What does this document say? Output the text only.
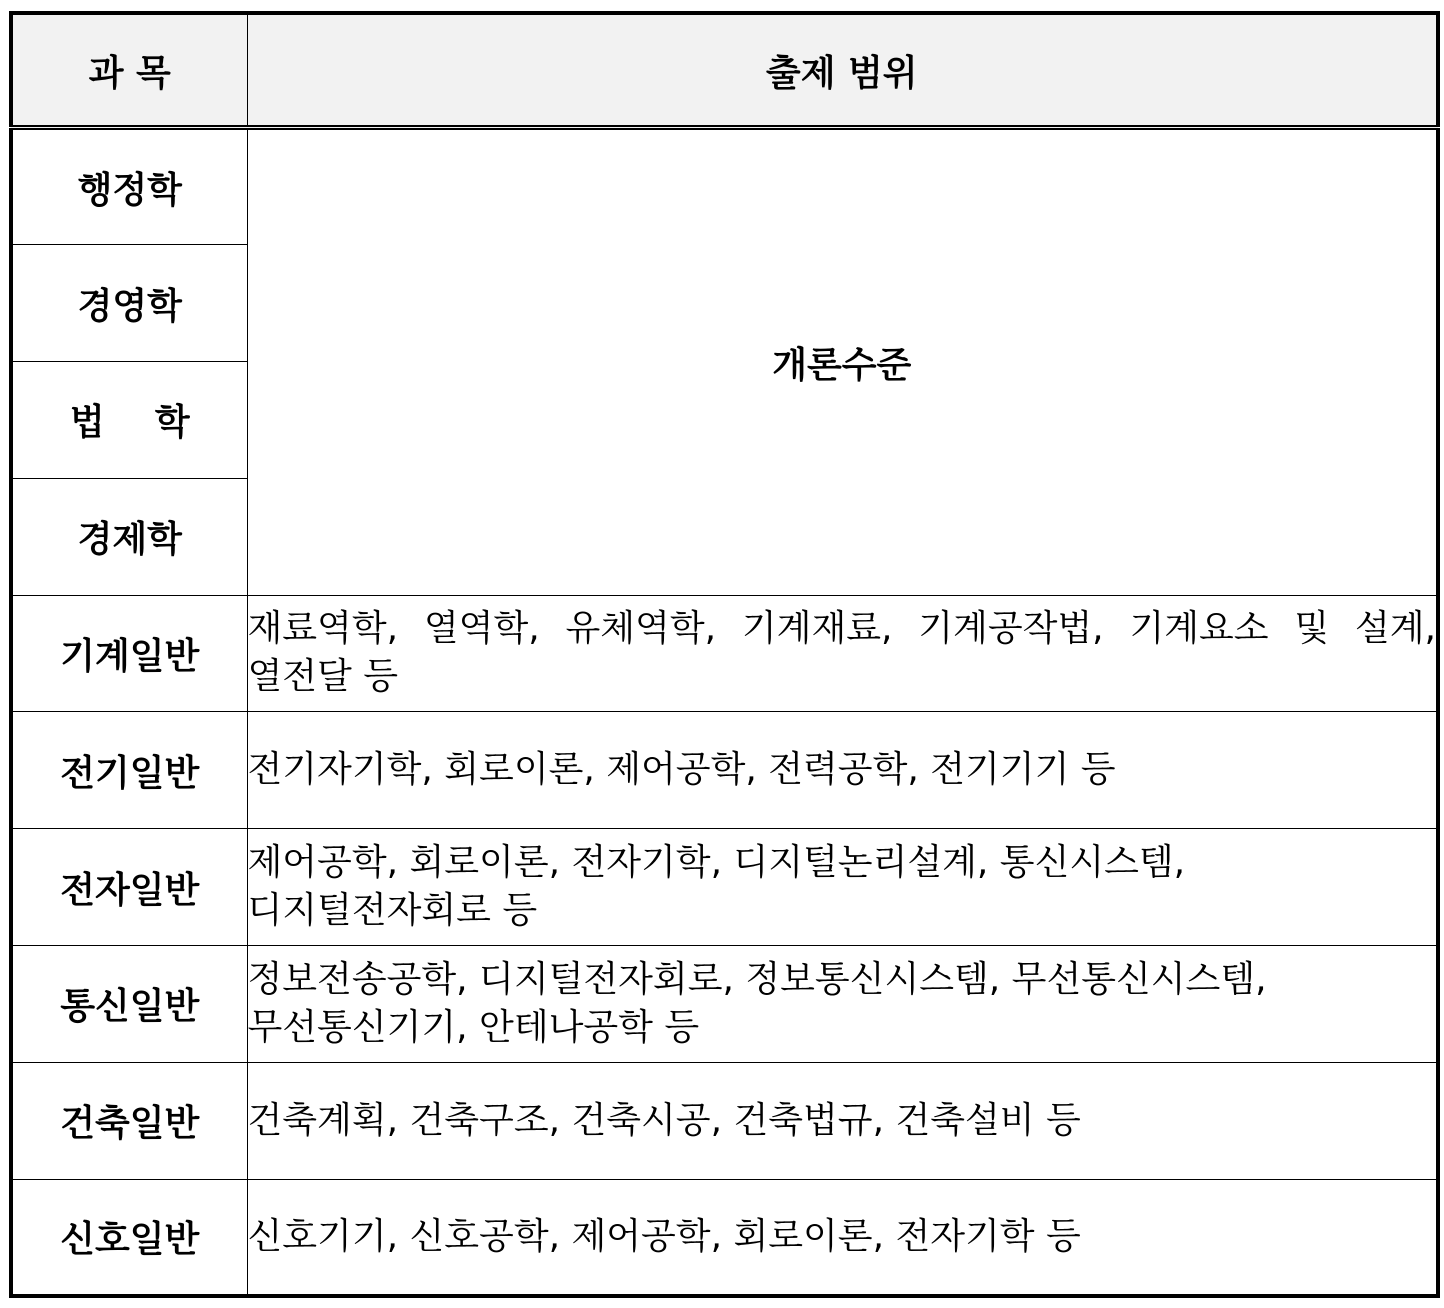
과 목	출제 범위
행정학	개론수준
경영학	
법    학	
경제학	
기계일반	재료역학, 열역학, 유체역학, 기계재료, 기계공작법, 기계요소 및 설계,
열전달 등

전기일반	전기자기학, 회로이론, 제어공학, 전력공학, 전기기기 등

전자일반	제어공학, 회로이론, 전자기학, 디지털논리설계, 통신시스템,
디지털전자회로 등

통신일반	정보전송공학, 디지털전자회로, 정보통신시스템, 무선통신시스템,
무선통신기기, 안테나공학 등

건축일반	건축계획, 건축구조, 건축시공, 건축법규, 건축설비 등

신호일반	신호기기, 신호공학, 제어공학, 회로이론, 전자기학 등
